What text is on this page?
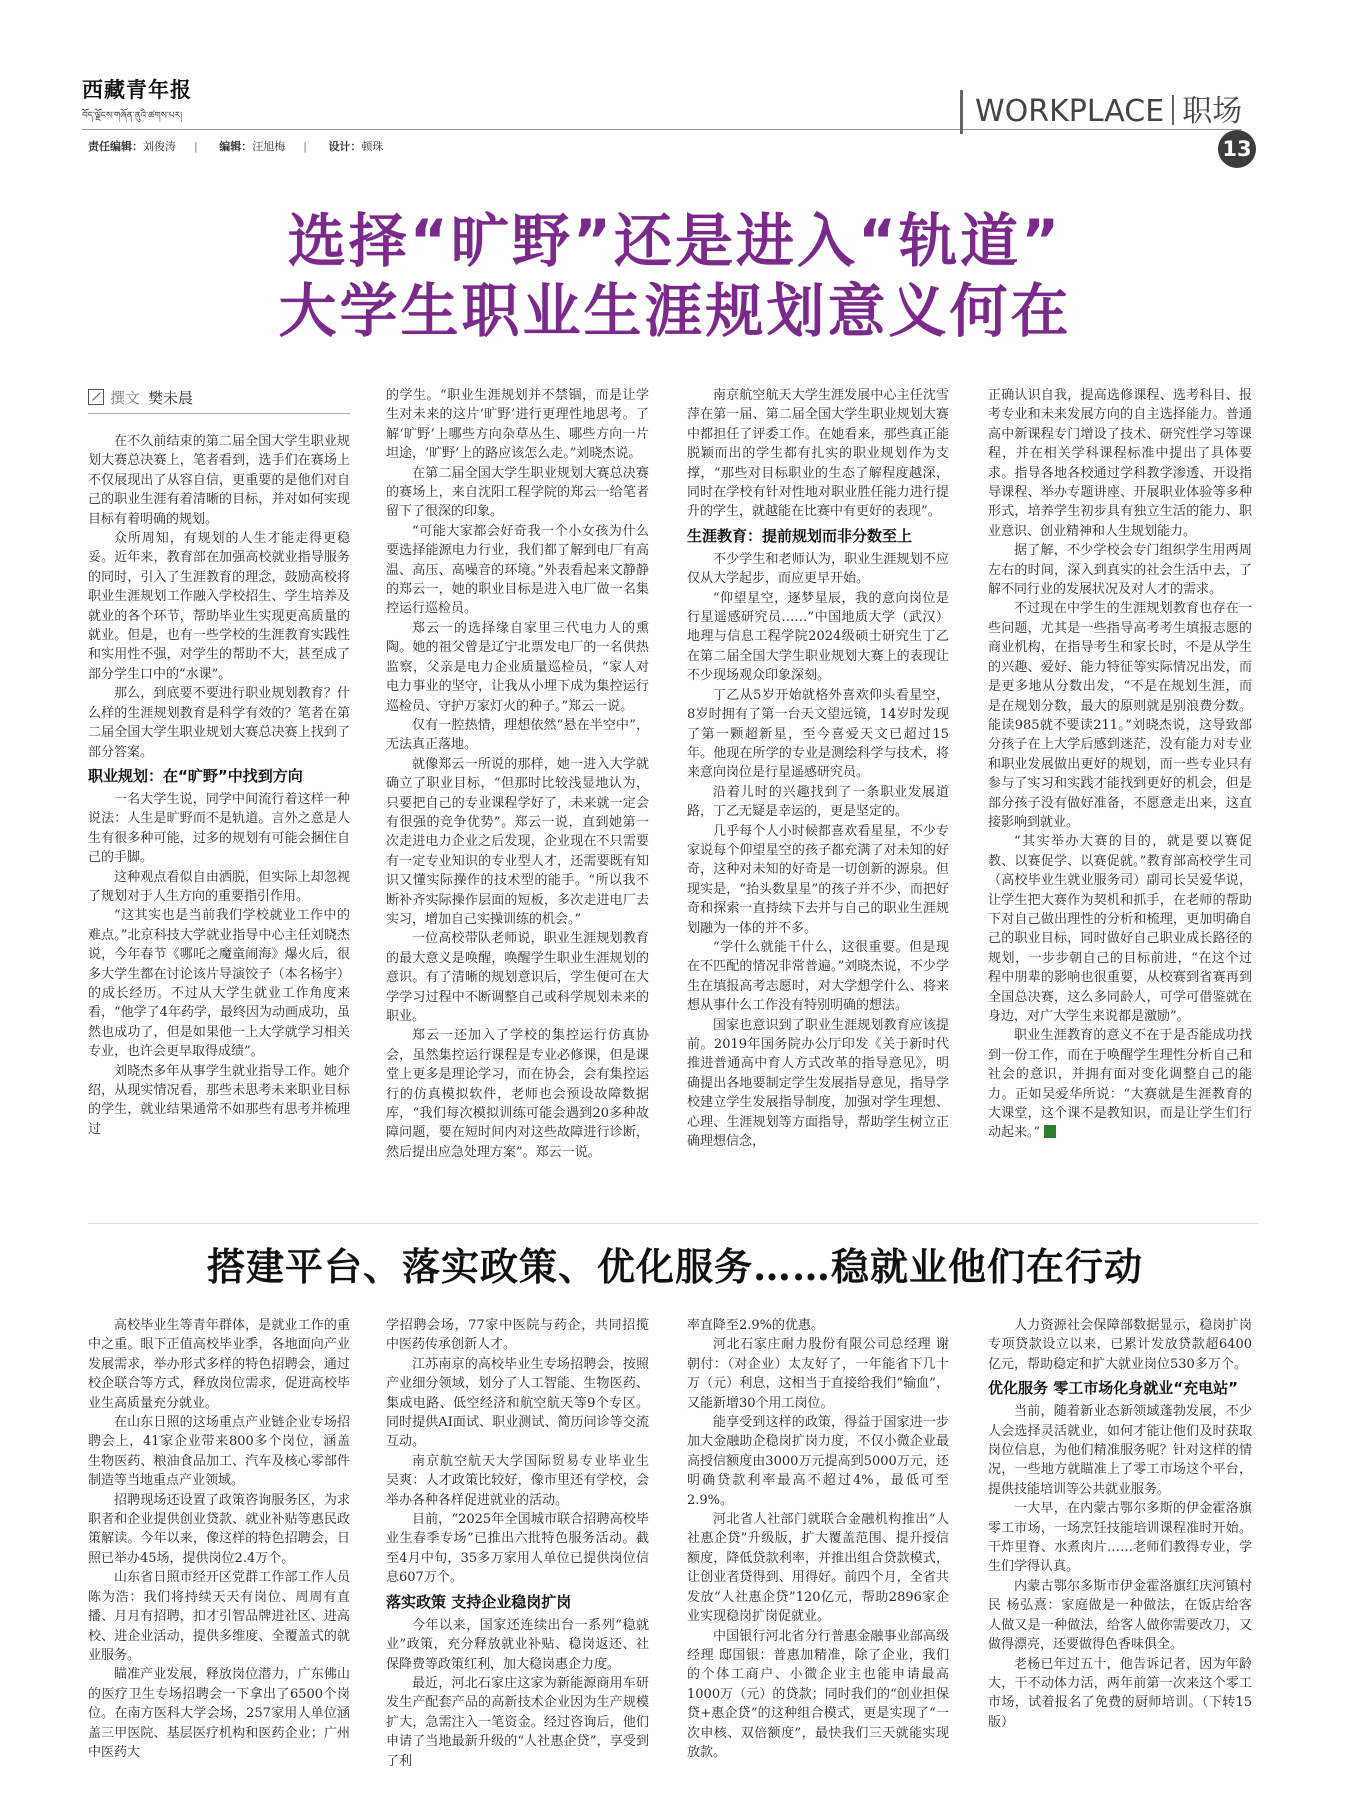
西藏青年报
བོད་ལྗོངས་གཞོན་ནུའི་ཚགས་པར།
责任编辑：刘俊涛 | 编辑：汪旭梅 | 设计：顿珠
WORKPLACE 职场
13
选择“旷野”还是进入“轨道”
大学生职业生涯规划意义何在
撰文 樊未晨

在不久前结束的第二届全国大学生职业规划大赛总决赛上，笔者看到，选手们在赛场上不仅展现出了从容自信，更重要的是他们对自己的职业生涯有着清晰的目标，并对如何实现目标有着明确的规划。

众所周知，有规划的人生才能走得更稳妥。近年来，教育部在加强高校就业指导服务的同时，引入了生涯教育的理念，鼓励高校将职业生涯规划工作融入学校招生、学生培养及就业的各个环节，帮助毕业生实现更高质量的就业。但是，也有一些学校的生涯教育实践性和实用性不强，对学生的帮助不大，甚至成了部分学生口中的“水课”。

那么，到底要不要进行职业规划教育？什么样的生涯规划教育是科学有效的？笔者在第二届全国大学生职业规划大赛总决赛上找到了部分答案。

职业规划：在“旷野”中找到方向

一名大学生说，同学中间流行着这样一种说法：人生是旷野而不是轨道。言外之意是人生有很多种可能，过多的规划有可能会捆住自己的手脚。

这种观点看似自由洒脱，但实际上却忽视了规划对于人生方向的重要指引作用。

“这其实也是当前我们学校就业工作中的难点。”北京科技大学就业指导中心主任刘晓杰说，今年春节《哪吒之魔童闹海》爆火后，很多大学生都在讨论该片导演饺子（本名杨宇）的成长经历。不过从大学生就业工作角度来看，“他学了4年药学，最终因为动画成功，虽然也成功了，但是如果他一上大学就学习相关专业，也许会更早取得成绩”。

刘晓杰多年从事学生就业指导工作。她介绍，从现实情况看，那些未思考未来职业目标的学生，就业结果通常不如那些有思考并梳理过

的学生。“职业生涯规划并不禁锢，而是让学生对未来的这片‘旷野’进行更理性地思考。了解‘旷野’上哪些方向杂草丛生、哪些方向一片坦途，‘旷野’上的路应该怎么走。”刘晓杰说。

在第二届全国大学生职业规划大赛总决赛的赛场上，来自沈阳工程学院的郑云一给笔者留下了很深的印象。

“可能大家都会好奇我一个小女孩为什么要选择能源电力行业，我们都了解到电厂有高温、高压、高噪音的环境。”外表看起来文静静的郑云一，她的职业目标是进入电厂做一名集控运行巡检员。

郑云一的选择缘自家里三代电力人的熏陶。她的祖父曾是辽宁北票发电厂的一名供热监察，父亲是电力企业质量巡检员，“家人对电力事业的坚守，让我从小埋下成为集控运行巡检员、守护万家灯火的种子。”郑云一说。

仅有一腔热情，理想依然“悬在半空中”，无法真正落地。

就像郑云一所说的那样，她一进入大学就确立了职业目标，“但那时比较浅显地认为，只要把自己的专业课程学好了，未来就一定会有很强的竞争优势”。郑云一说，直到她第一次走进电力企业之后发现，企业现在不只需要有一定专业知识的专业型人才，还需要既有知识又懂实际操作的技术型的能手。“所以我不断补齐实际操作层面的短板，多次走进电厂去实习，增加自己实操训练的机会。”

一位高校带队老师说，职业生涯规划教育的最大意义是唤醒，唤醒学生职业生涯规划的意识。有了清晰的规划意识后，学生便可在大学学习过程中不断调整自己或科学规划未来的职业。

郑云一还加入了学校的集控运行仿真协会，虽然集控运行课程是专业必修课，但是课堂上更多是理论学习，而在协会，会有集控运行的仿真模拟软件，老师也会预设故障数据库，“我们每次模拟训练可能会遇到20多种故障问题，要在短时间内对这些故障进行诊断，然后提出应急处理方案”。郑云一说。

南京航空航天大学生涯发展中心主任沈雪萍在第一届、第二届全国大学生职业规划大赛中都担任了评委工作。在她看来，那些真正能脱颖而出的学生都有扎实的职业规划作为支撑，“那些对目标职业的生态了解程度越深，同时在学校有针对性地对职业胜任能力进行提升的学生，就越能在比赛中有更好的表现”。

生涯教育：提前规划而非分数至上

不少学生和老师认为，职业生涯规划不应仅从大学起步，而应更早开始。

“仰望星空，逐梦星辰，我的意向岗位是行星遥感研究员……”中国地质大学（武汉）地理与信息工程学院2024级硕士研究生丁乙在第二届全国大学生职业规划大赛上的表现让不少现场观众印象深刻。

丁乙从5岁开始就格外喜欢仰头看星空，8岁时拥有了第一台天文望远镜，14岁时发现了第一颗超新星，至今喜爱天文已超过15年。他现在所学的专业是测绘科学与技术，将来意向岗位是行星遥感研究员。

沿着儿时的兴趣找到了一条职业发展道路，丁乙无疑是幸运的，更是坚定的。

几乎每个人小时候都喜欢看星星，不少专家说每个仰望星空的孩子都充满了对未知的好奇，这种对未知的好奇是一切创新的源泉。但现实是，“抬头数星星”的孩子并不少，而把好奇和探索一直持续下去并与自己的职业生涯规划融为一体的并不多。

“学什么就能干什么，这很重要。但是现在不匹配的情况非常普遍。”刘晓杰说，不少学生在填报高考志愿时，对大学想学什么、将来想从事什么工作没有特别明确的想法。

国家也意识到了职业生涯规划教育应该提前。2019年国务院办公厅印发《关于新时代推进普通高中育人方式改革的指导意见》，明确提出各地要制定学生发展指导意见，指导学校建立学生发展指导制度，加强对学生理想、心理、生涯规划等方面指导，帮助学生树立正确理想信念，

正确认识自我，提高选修课程、选考科目、报考专业和未来发展方向的自主选择能力。普通高中新课程专门增设了技术、研究性学习等课程，并在相关学科课程标准中提出了具体要求。指导各地各校通过学科教学渗透、开设指导课程、举办专题讲座、开展职业体验等多种形式，培养学生初步具有独立生活的能力、职业意识、创业精神和人生规划能力。

据了解，不少学校会专门组织学生用两周左右的时间，深入到真实的社会生活中去，了解不同行业的发展状况及对人才的需求。

不过现在中学生的生涯规划教育也存在一些问题，尤其是一些指导高考考生填报志愿的商业机构，在指导考生和家长时，不是从学生的兴趣、爱好、能力特征等实际情况出发，而是更多地从分数出发，“不是在规划生涯，而是在规划分数，最大的原则就是别浪费分数。能读985就不要读211。”刘晓杰说，这导致部分孩子在上大学后感到迷茫，没有能力对专业和职业发展做出更好的规划，而一些专业只有参与了实习和实践才能找到更好的机会，但是部分孩子没有做好准备，不愿意走出来，这直接影响到就业。

“其实举办大赛的目的，就是要以赛促教、以赛促学、以赛促就。”教育部高校学生司（高校毕业生就业服务司）副司长吴爱华说，让学生把大赛作为契机和抓手，在老师的帮助下对自己做出理性的分析和梳理，更加明确自己的职业目标，同时做好自己职业成长路径的规划，一步步朝自己的目标前进，“在这个过程中朋辈的影响也很重要，从校赛到省赛再到全国总决赛，这么多同龄人，可学可借鉴就在身边，对广大学生来说都是激励”。

职业生涯教育的意义不在于是否能成功找到一份工作，而在于唤醒学生理性分析自己和社会的意识，并拥有面对变化调整自己的能力。正如吴爱华所说：“大赛就是生涯教育的大课堂，这个课不是教知识，而是让学生们行动起来。”

搭建平台、落实政策、优化服务……稳就业他们在行动

高校毕业生等青年群体，是就业工作的重中之重。眼下正值高校毕业季，各地面向产业发展需求，举办形式多样的特色招聘会，通过校企联合等方式，释放岗位需求，促进高校毕业生高质量充分就业。

在山东日照的这场重点产业链企业专场招聘会上，41家企业带来800多个岗位，涵盖生物医药、粮油食品加工、汽车及核心零部件制造等当地重点产业领域。

招聘现场还设置了政策咨询服务区，为求职者和企业提供创业贷款、就业补贴等惠民政策解读。今年以来，像这样的特色招聘会，日照已举办45场，提供岗位2.4万个。

山东省日照市经开区党群工作部工作人员陈为浩：我们将持续天天有岗位、周周有直播、月月有招聘，扣才引智品牌进社区、进高校、进企业活动，提供多维度、全覆盖式的就业服务。

瞄准产业发展，释放岗位潜力，广东佛山的医疗卫生专场招聘会一下拿出了6500个岗位。在南方医科大学会场，257家用人单位涵盖三甲医院、基层医疗机构和医药企业；广州中医药大

学招聘会场，77家中医院与药企，共同招揽中医药传承创新人才。

江苏南京的高校毕业生专场招聘会，按照产业细分领域，划分了人工智能、生物医药、集成电路、低空经济和航空航天等9个专区。同时提供AI面试、职业测试、简历问诊等交流互动。

南京航空航天大学国际贸易专业毕业生 吴爽：人才政策比较好，像市里还有学校，会举办各种各样促进就业的活动。

目前，“2025年全国城市联合招聘高校毕业生春季专场”已推出六批特色服务活动。截至4月中旬，35多万家用人单位已提供岗位信息607万个。

落实政策 支持企业稳岗扩岗

今年以来，国家还连续出台一系列“稳就业”政策，充分释放就业补贴、稳岗返还、社保降费等政策红利，加大稳岗惠企力度。

最近，河北石家庄这家为新能源商用车研发生产配套产品的高新技术企业因为生产规模扩大，急需注入一笔资金。经过咨询后，他们申请了当地最新升级的“人社惠企贷”，享受到了利

率直降至2.9%的优惠。

河北石家庄耐力股份有限公司总经理 谢朝付：（对企业）太友好了，一年能省下几十万（元）利息，这相当于直接给我们“输血”，又能新增30个用工岗位。

能享受到这样的政策，得益于国家进一步加大金融助企稳岗扩岗力度，不仅小微企业最高授信额度由3000万元提高到5000万元，还明确贷款利率最高不超过4%，最低可至2.9%。

河北省人社部门就联合金融机构推出“人社惠企贷”升级版，扩大覆盖范围、提升授信额度，降低贷款利率，并推出组合贷款模式，让创业者贷得到、用得好。前四个月，全省共发放“人社惠企贷”120亿元，帮助2896家企业实现稳岗扩岗促就业。

中国银行河北省分行普惠金融事业部高级经理 邸国银：普惠加精准，除了企业，我们的个体工商户、小微企业主也能申请最高1000万（元）的贷款；同时我们的“创业担保贷+惠企贷”的这种组合模式，更是实现了“一次申核、双倍额度”，最快我们三天就能实现放款。

人力资源社会保障部数据显示，稳岗扩岗专项贷款设立以来，已累计发放贷款超6400亿元，帮助稳定和扩大就业岗位530多万个。

优化服务 零工市场化身就业“充电站”

当前，随着新业态新领域蓬勃发展，不少人会选择灵活就业，如何才能让他们及时获取岗位信息，为他们精准服务呢？针对这样的情况，一些地方就瞄准上了零工市场这个平台，提供技能培训等公共就业服务。

一大早，在内蒙古鄂尔多斯的伊金霍洛旗零工市场，一场烹饪技能培训课程准时开始。干炸里脊、水煮肉片……老师们教得专业，学生们学得认真。

内蒙古鄂尔多斯市伊金霍洛旗红庆河镇村民 杨弘熹：家庭做是一种做法，在饭店给客人做又是一种做法，给客人做你需要改刀，又做得漂亮，还要做得色香味俱全。

老杨已年过五十，他告诉记者，因为年龄大，干不动体力活，两年前第一次来这个零工市场，试着报名了免费的厨师培训。（下转15版）
